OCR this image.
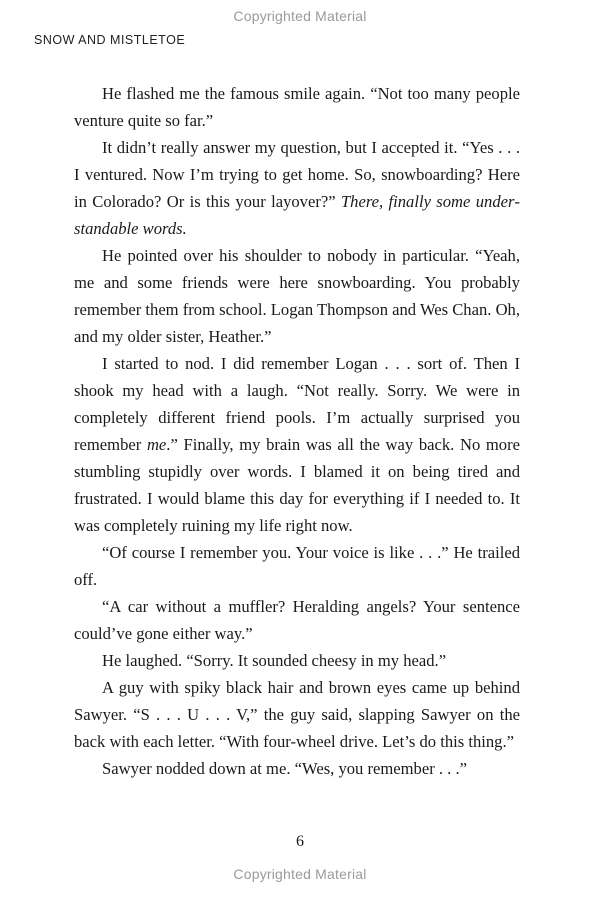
Copyrighted Material
SNOW AND MISTLETOE

He flashed me the famous smile again. “Not too many people venture quite so far.”

It didn’t really answer my question, but I accepted it. “Yes . . . I ventured. Now I’m trying to get home. So, snowboarding? Here in Colorado? Or is this your layover?” There, finally some understandable words.

He pointed over his shoulder to nobody in particular. “Yeah, me and some friends were here snowboarding. You probably remember them from school. Logan Thompson and Wes Chan. Oh, and my older sister, Heather.”

I started to nod. I did remember Logan . . . sort of. Then I shook my head with a laugh. “Not really. Sorry. We were in completely different friend pools. I’m actually surprised you remember me.” Finally, my brain was all the way back. No more stumbling stupidly over words. I blamed it on being tired and frustrated. I would blame this day for everything if I needed to. It was completely ruining my life right now.

“Of course I remember you. Your voice is like . . .” He trailed off.

“A car without a muffler? Heralding angels? Your sentence could’ve gone either way.”

He laughed. “Sorry. It sounded cheesy in my head.”

A guy with spiky black hair and brown eyes came up behind Sawyer. “S . . . U . . . V,” the guy said, slapping Sawyer on the back with each letter. “With four-wheel drive. Let’s do this thing.”

Sawyer nodded down at me. “Wes, you remember . . .”

6
Copyrighted Material
